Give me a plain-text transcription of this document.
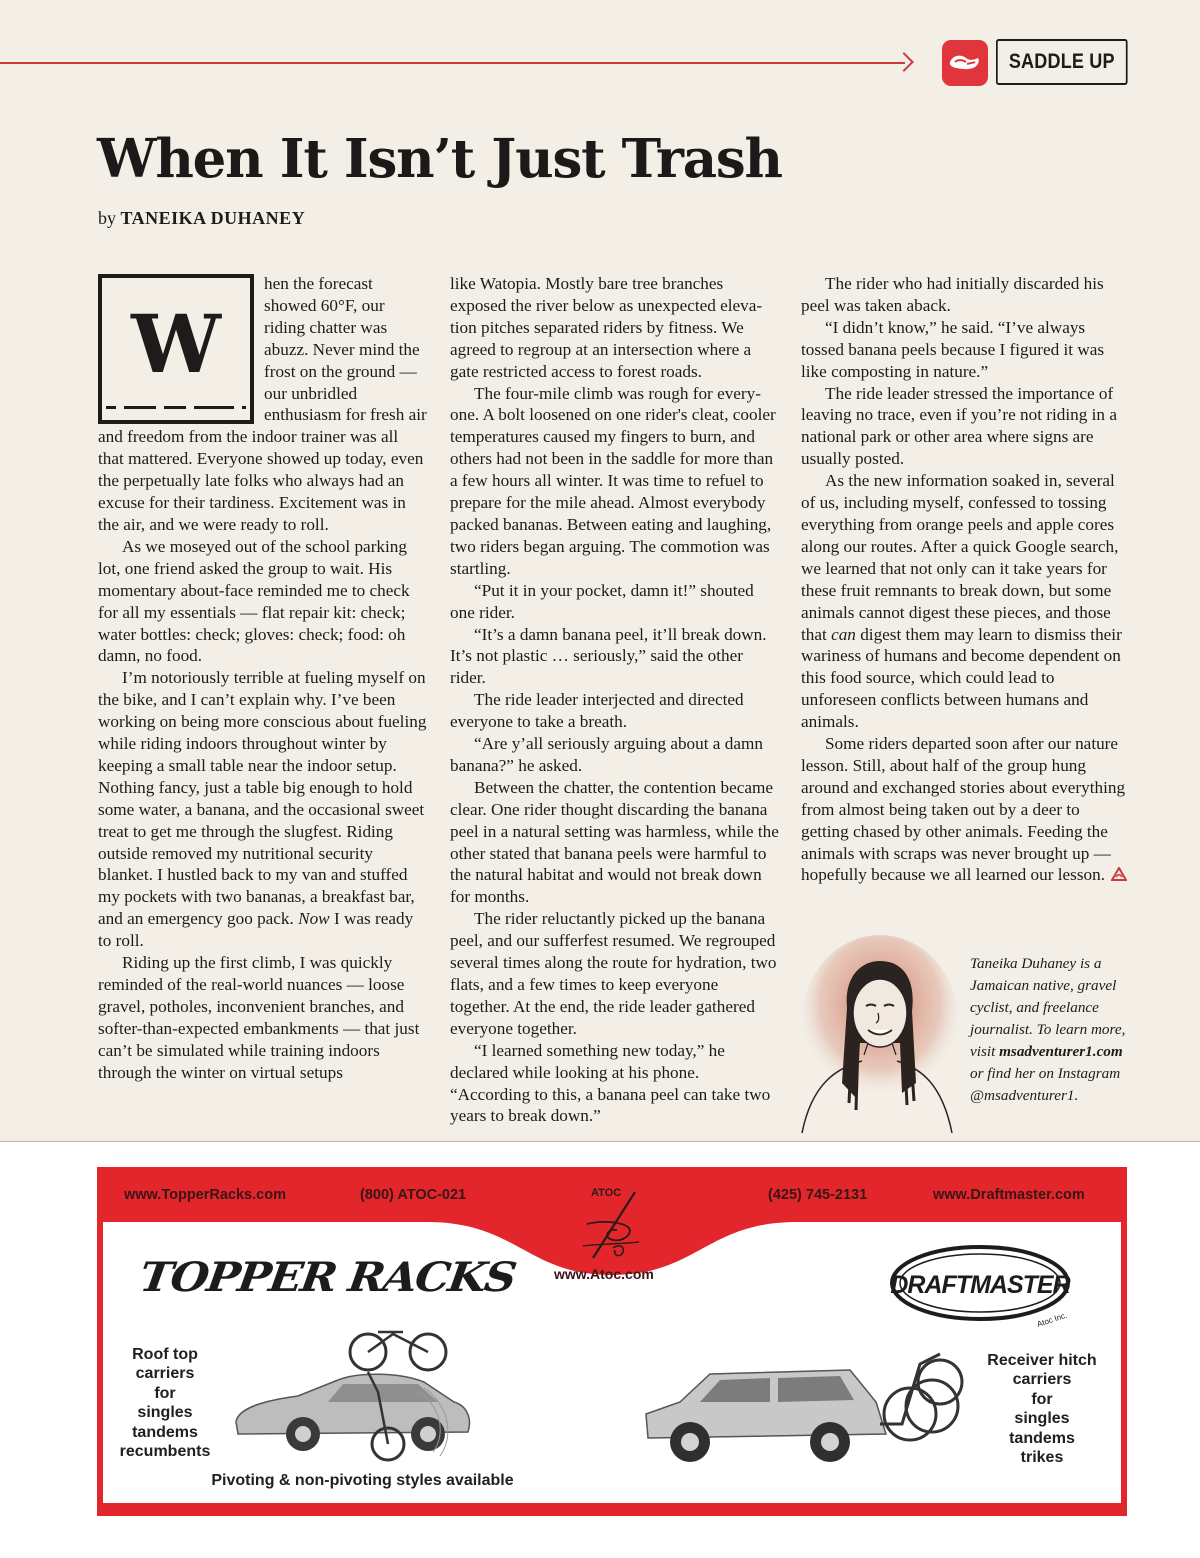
SADDLE UP
When It Isn’t Just Trash
by TANEIKA DUHANEY
W

hen the forecast showed 60°F, our riding chatter was abuzz. Never mind the frost on the ground — our unbridled enthusiasm for fresh air and freedom from the indoor trainer was all that mattered. Everyone showed up today, even the perpetually late folks who always had an excuse for their tardiness. Excitement was in the air, and we were ready to roll.

As we moseyed out of the school parking lot, one friend asked the group to wait. His momentary about-face reminded me to check for all my essentials — flat repair kit: check; water bottles: check; gloves: check; food: oh damn, no food.

I’m notoriously terrible at fueling myself on the bike, and I can’t explain why. I’ve been working on being more conscious about fueling while riding indoors throughout winter by keeping a small table near the indoor setup. Nothing fancy, just a table big enough to hold some water, a banana, and the occasional sweet treat to get me through the slugfest. Riding outside removed my nutritional security blanket. I hustled back to my van and stuffed my pockets with two bananas, a breakfast bar, and an emergency goo pack. Now I was ready to roll.

Riding up the first climb, I was quickly reminded of the real-world nuances — loose gravel, potholes, inconvenient branches, and softer-than-expected embankments — that just can’t be simulated while training indoors through the winter on virtual setups

like Watopia. Mostly bare tree branches exposed the river below as unexpected elevation pitches separated riders by fitness. We agreed to regroup at an intersection where a gate restricted access to forest roads.

The four-mile climb was rough for everyone. A bolt loosened on one rider's cleat, cooler temperatures caused my fingers to burn, and others had not been in the saddle for more than a few hours all winter. It was time to refuel to prepare for the mile ahead. Almost everybody packed bananas. Between eating and laughing, two riders began arguing. The commotion was startling.

“Put it in your pocket, damn it!” shouted one rider.

“It’s a damn banana peel, it’ll break down. It’s not plastic … seriously,” said the other rider.

The ride leader interjected and directed everyone to take a breath.

“Are y’all seriously arguing about a damn banana?” he asked.

Between the chatter, the contention became clear. One rider thought discarding the banana peel in a natural setting was harmless, while the other stated that banana peels were harmful to the natural habitat and would not break down for months.

The rider reluctantly picked up the banana peel, and our sufferfest resumed. We regrouped several times along the route for hydration, two flats, and a few times to keep everyone together. At the end, the ride leader gathered everyone together.

“I learned something new today,” he declared while looking at his phone. “According to this, a banana peel can take two years to break down.”

The rider who had initially discarded his peel was taken aback.

“I didn’t know,” he said. “I’ve always tossed banana peels because I figured it was like composting in nature.”

The ride leader stressed the importance of leaving no trace, even if you’re not riding in a national park or other area where signs are usually posted.

As the new information soaked in, several of us, including myself, confessed to tossing everything from orange peels and apple cores along our routes. After a quick Google search, we learned that not only can it take years for these fruit remnants to break down, but some animals cannot digest these pieces, and those that can digest them may learn to dismiss their wariness of humans and become dependent on this food source, which could lead to unforeseen conflicts between humans and animals.

Some riders departed soon after our nature lesson. Still, about half of the group hung around and exchanged stories about everything from almost being taken out by a deer to getting chased by other animals. Feeding the animals with scraps was never brought up — hopefully because we all learned our lesson.

Taneika Duhaney is a Jamaican native, gravel cyclist, and freelance journalist. To learn more, visit msadventurer1.com or find her on Instagram @msadventurer1.
www.TopperRacks.com	(800) ATOC-021	(425) 745-2131	www.Draftmaster.com
ATOC
www.Atoc.com
TOPPER RACKS	DRAFTMASTER
Atoc Inc.
Roof top
carriers
for
singles
tandems
recumbents
Pivoting & non-pivoting styles available
Receiver hitch
carriers
for
singles
tandems
trikes
